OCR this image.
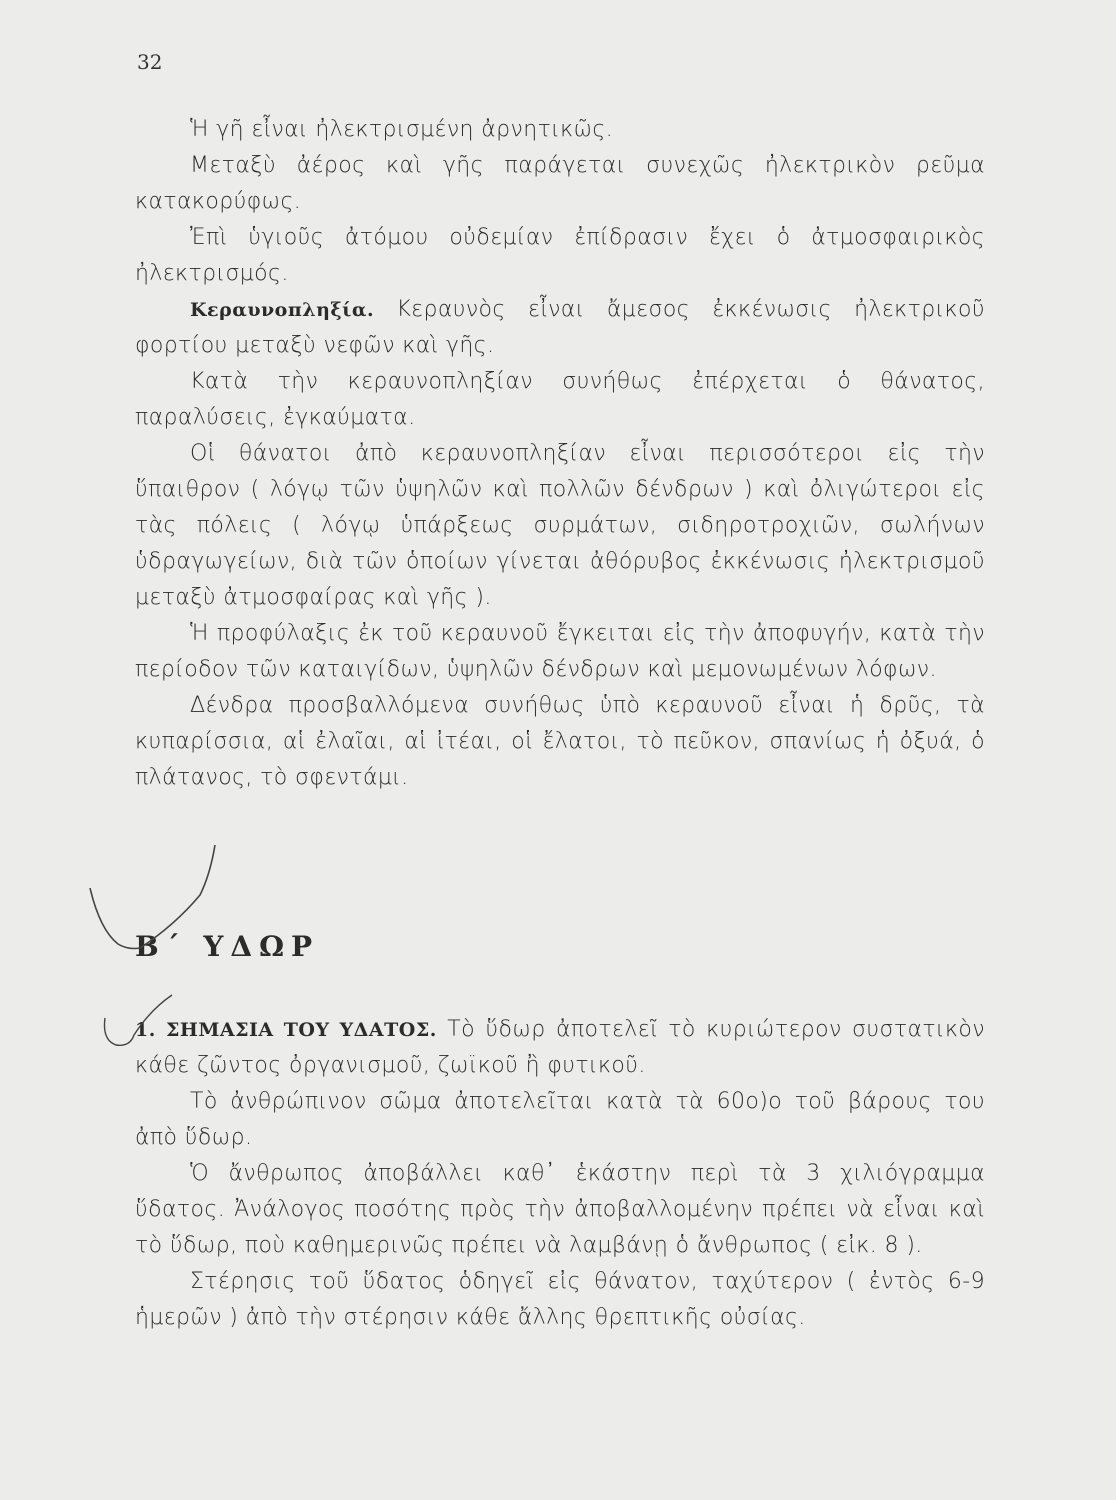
32

Ἡ γῆ εἶναι ἠλεκτρισμένη ἀρνητικῶς.

Μεταξὺ ἀέρος καὶ γῆς παράγεται συνεχῶς ἠλεκτρικὸν ρεῦμα κατακορύφως.

Ἐπὶ ὑγιοῦς ἀτόμου οὐδεμίαν ἐπίδρασιν ἔχει ὁ ἀτμοσφαιρικὸς ἠλεκτρισμός.

Κεραυνοπληξία. Κεραυνὸς εἶναι ἄμεσος ἐκκένωσις ἠλεκτρικοῦ φορτίου μεταξὺ νεφῶν καὶ γῆς.

Κατὰ τὴν κεραυνοπληξίαν συνήθως ἐπέρχεται ὁ θάνατος, παραλύσεις, ἐγκαύματα.

Οἱ θάνατοι ἀπὸ κεραυνοπληξίαν εἶναι περισσότεροι εἰς τὴν ὕπαιθρον ( λόγῳ τῶν ὑψηλῶν καὶ πολλῶν δένδρων ) καὶ ὀλιγώτεροι εἰς τὰς πόλεις ( λόγῳ ὑπάρξεως συρμάτων, σιδηροτροχιῶν, σωλήνων ὑδραγωγείων, διὰ τῶν ὁποίων γίνεται ἀθόρυβος ἐκκένωσις ἠλεκτρισμοῦ μεταξὺ ἀτμοσφαίρας καὶ γῆς ).

Ἡ προφύλαξις ἐκ τοῦ κεραυνοῦ ἔγκειται εἰς τὴν ἀποφυγήν, κατὰ τὴν περίοδον τῶν καταιγίδων, ὑψηλῶν δένδρων καὶ μεμονωμένων λόφων.

Δένδρα προσβαλλόμενα συνήθως ὑπὸ κεραυνοῦ εἶναι ἡ δρῦς, τὰ κυπαρίσσια, αἱ ἐλαῖαι, αἱ ἰτέαι, οἱ ἔλατοι, τὸ πεῦκον, σπανίως ἡ ὀξυά, ὁ πλάτανος, τὸ σφεντάμι.

Β΄ ΥΔΩΡ

1. ΣΗΜΑΣΙΑ ΤΟΥ ΥΔΑΤΟΣ. Τὸ ὕδωρ ἀποτελεῖ τὸ κυριώτερον συστατικὸν κάθε ζῶντος ὀργανισμοῦ, ζωϊκοῦ ἢ φυτικοῦ.

Τὸ ἀνθρώπινον σῶμα ἀποτελεῖται κατὰ τὰ 60ο)ο τοῦ βάρους του ἀπὸ ὕδωρ.

Ὁ ἄνθρωπος ἀποβάλλει καθ᾽ ἑκάστην περὶ τὰ 3 χιλιόγραμμα ὕδατος. Ἀνάλογος ποσότης πρὸς τὴν ἀποβαλλομένην πρέπει νὰ εἶναι καὶ τὸ ὕδωρ, ποὺ καθημερινῶς πρέπει νὰ λαμβάνῃ ὁ ἄνθρωπος ( εἰκ. 8 ).

Στέρησις τοῦ ὕδατος ὁδηγεῖ εἰς θάνατον, ταχύτερον ( ἐντὸς 6-9 ἡμερῶν ) ἀπὸ τὴν στέρησιν κάθε ἄλλης θρεπτικῆς οὐσίας.
